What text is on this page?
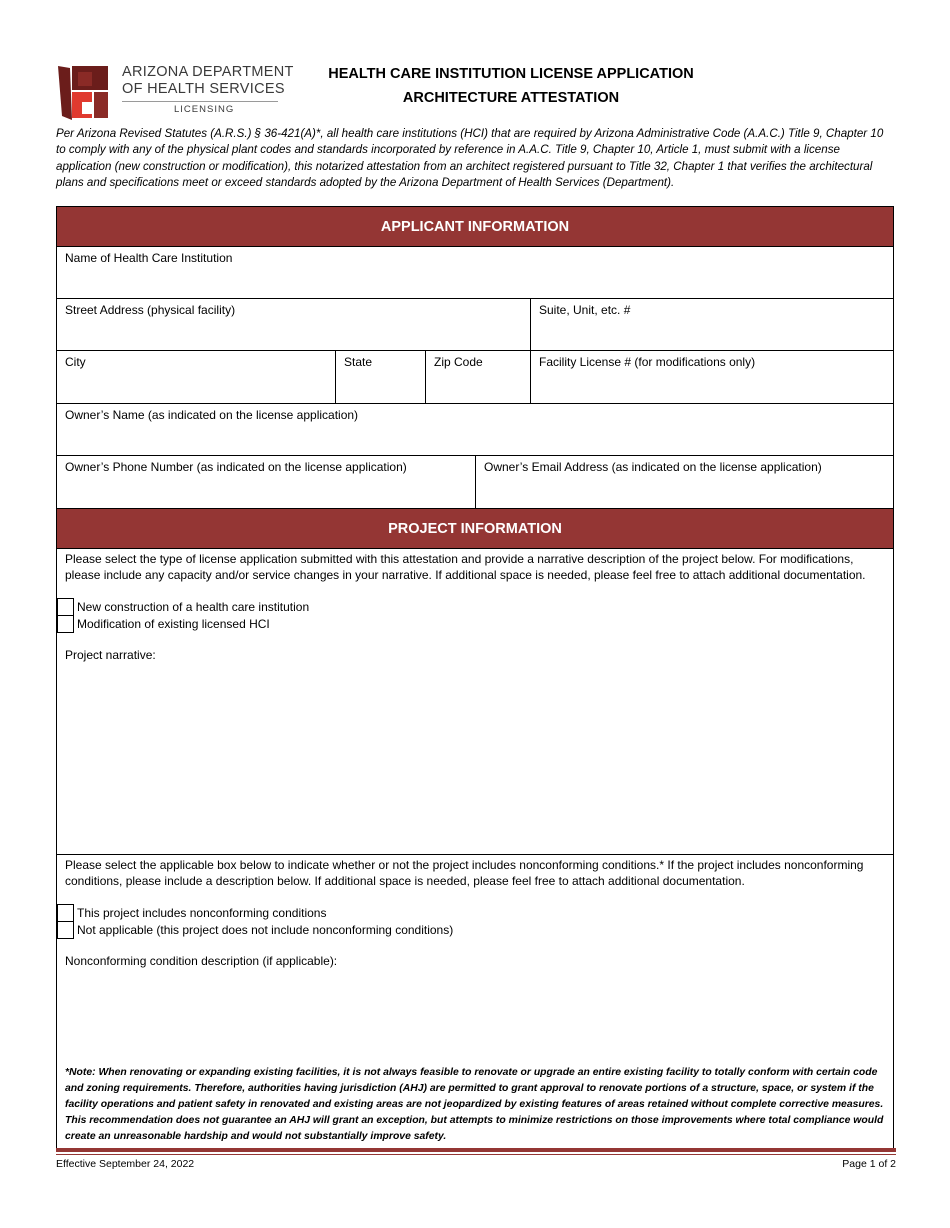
ARIZONA DEPARTMENT
OF HEALTH SERVICES
LICENSING
HEALTH CARE INSTITUTION LICENSE APPLICATION
ARCHITECTURE ATTESTATION
Per Arizona Revised Statutes (A.R.S.) § 36-421(A)*, all health care institutions (HCI) that are required by Arizona Administrative Code (A.A.C.) Title 9, Chapter 10 to comply with any of the physical plant codes and standards incorporated by reference in A.A.C. Title 9, Chapter 10, Article 1, must submit with a license application (new construction or modification), this notarized attestation from an architect registered pursuant to Title 32, Chapter 1 that verifies the architectural plans and specifications meet or exceed standards adopted by the Arizona Department of Health Services (Department).
APPLICANT INFORMATION
Name of Health Care Institution
Street Address (physical facility)	Suite, Unit, etc. #
City	State	Zip Code	Facility License # (for modifications only)
Owner’s Name (as indicated on the license application)
Owner’s Phone Number (as indicated on the license application)	Owner’s Email Address (as indicated on the license application)
PROJECT INFORMATION
Please select the type of license application submitted with this attestation and provide a narrative description of the project below. For modifications, please include any capacity and/or service changes in your narrative. If additional space is needed, please feel free to attach additional documentation.
New construction of a health care institution
Modification of existing licensed HCI
Project narrative:
Please select the applicable box below to indicate whether or not the project includes nonconforming conditions.* If the project includes nonconforming conditions, please include a description below. If additional space is needed, please feel free to attach additional documentation.
This project includes nonconforming conditions
Not applicable (this project does not include nonconforming conditions)
Nonconforming condition description (if applicable):
*Note: When renovating or expanding existing facilities, it is not always feasible to renovate or upgrade an entire existing facility to totally conform with certain code and zoning requirements. Therefore, authorities having jurisdiction (AHJ) are permitted to grant approval to renovate portions of a structure, space, or system if the facility operations and patient safety in renovated and existing areas are not jeopardized by existing features of areas retained without complete corrective measures. This recommendation does not guarantee an AHJ will grant an exception, but attempts to minimize restrictions on those improvements where total compliance would create an unreasonable hardship and would not substantially improve safety.
Effective September 24, 2022	Page 1 of 2
